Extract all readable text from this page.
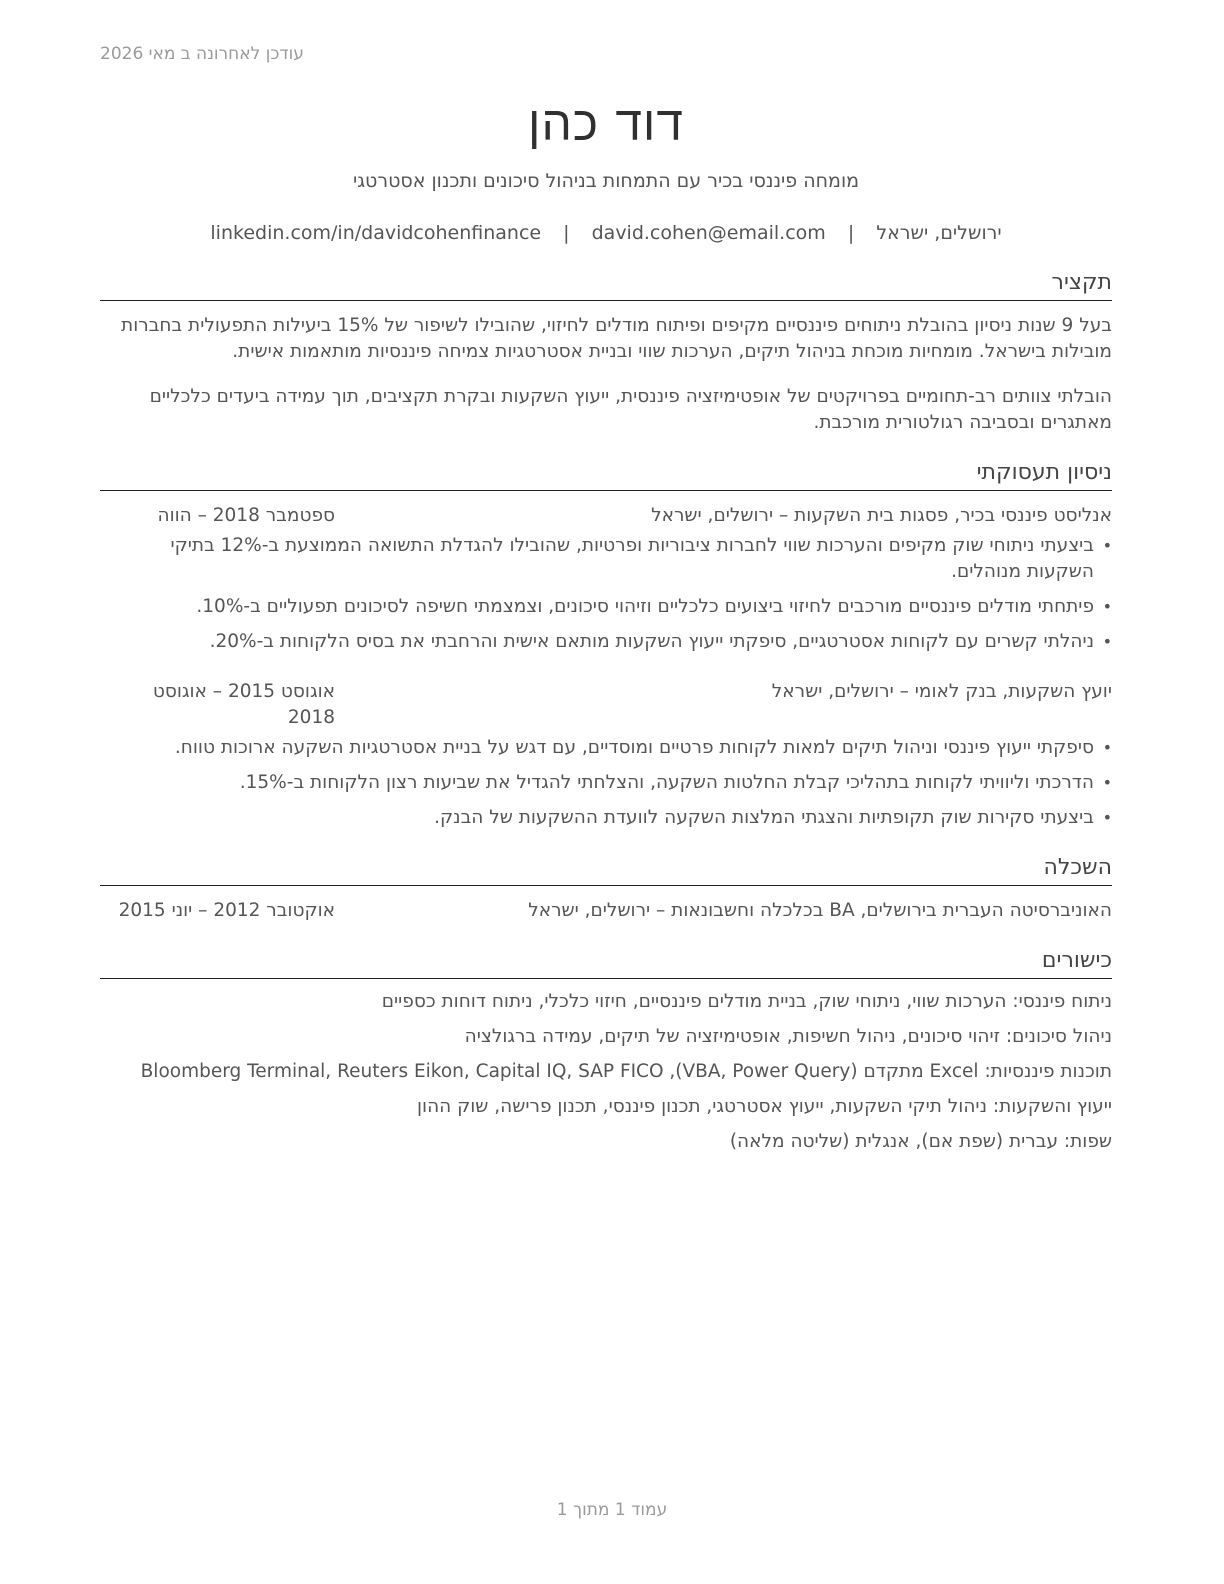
עודכן לאחרונה ב מאי 2026
דוד כהן
מומחה פיננסי בכיר עם התמחות בניהול סיכונים ותכנון אסטרטגי
linkedin.com/in/davidcohenfinance | david.cohen@email.com | ירושלים, ישראל
תקציר

בעל 9 שנות ניסיון בהובלת ניתוחים פיננסיים מקיפים ופיתוח מודלים לחיזוי, שהובילו לשיפור של 15% ביעילות התפעולית בחברות מובילות בישראל. מומחיות מוכחת בניהול תיקים, הערכות שווי ובניית אסטרטגיות צמיחה פיננסיות מותאמות אישית.

הובלתי צוותים רב-תחומיים בפרויקטים של אופטימיזציה פיננסית, ייעוץ השקעות ובקרת תקציבים, תוך עמידה ביעדים כלכליים מאתגרים ובסביבה רגולטורית מורכבת.

ניסיון תעסוקתי
אנליסט פיננסי בכיר, פסגות בית השקעות – ירושלים, ישראל
ספטמבר 2018 – הווה
• ביצעתי ניתוחי שוק מקיפים והערכות שווי לחברות ציבוריות ופרטיות, שהובילו להגדלת התשואה הממוצעת ב-12% בתיקי השקעות מנוהלים.
• פיתחתי מודלים פיננסיים מורכבים לחיזוי ביצועים כלכליים וזיהוי סיכונים, וצמצמתי חשיפה לסיכונים תפעוליים ב-10%.
• ניהלתי קשרים עם לקוחות אסטרטגיים, סיפקתי ייעוץ השקעות מותאם אישית והרחבתי את בסיס הלקוחות ב-20%.
יועץ השקעות, בנק לאומי – ירושלים, ישראל
אוגוסט 2015 – אוגוסט 2018
• סיפקתי ייעוץ פיננסי וניהול תיקים למאות לקוחות פרטיים ומוסדיים, עם דגש על בניית אסטרטגיות השקעה ארוכות טווח.
• הדרכתי וליוויתי לקוחות בתהליכי קבלת החלטות השקעה, והצלחתי להגדיל את שביעות רצון הלקוחות ב-15%.
• ביצעתי סקירות שוק תקופתיות והצגתי המלצות השקעה לוועדת ההשקעות של הבנק.
השכלה
האוניברסיטה העברית בירושלים, BA בכלכלה וחשבונאות – ירושלים, ישראל
אוקטובר 2012 – יוני 2015
כישורים
ניתוח פיננסי: הערכות שווי, ניתוחי שוק, בניית מודלים פיננסיים, חיזוי כלכלי, ניתוח דוחות כספיים
ניהול סיכונים: זיהוי סיכונים, ניהול חשיפות, אופטימיזציה של תיקים, עמידה ברגולציה
תוכנות פיננסיות: Excel מתקדם (VBA, Power Query), Bloomberg Terminal, Reuters Eikon, Capital IQ, SAP FICO
ייעוץ והשקעות: ניהול תיקי השקעות, ייעוץ אסטרטגי, תכנון פיננסי, תכנון פרישה, שוק ההון
שפות: עברית (שפת אם), אנגלית (שליטה מלאה)
עמוד 1 מתוך 1
